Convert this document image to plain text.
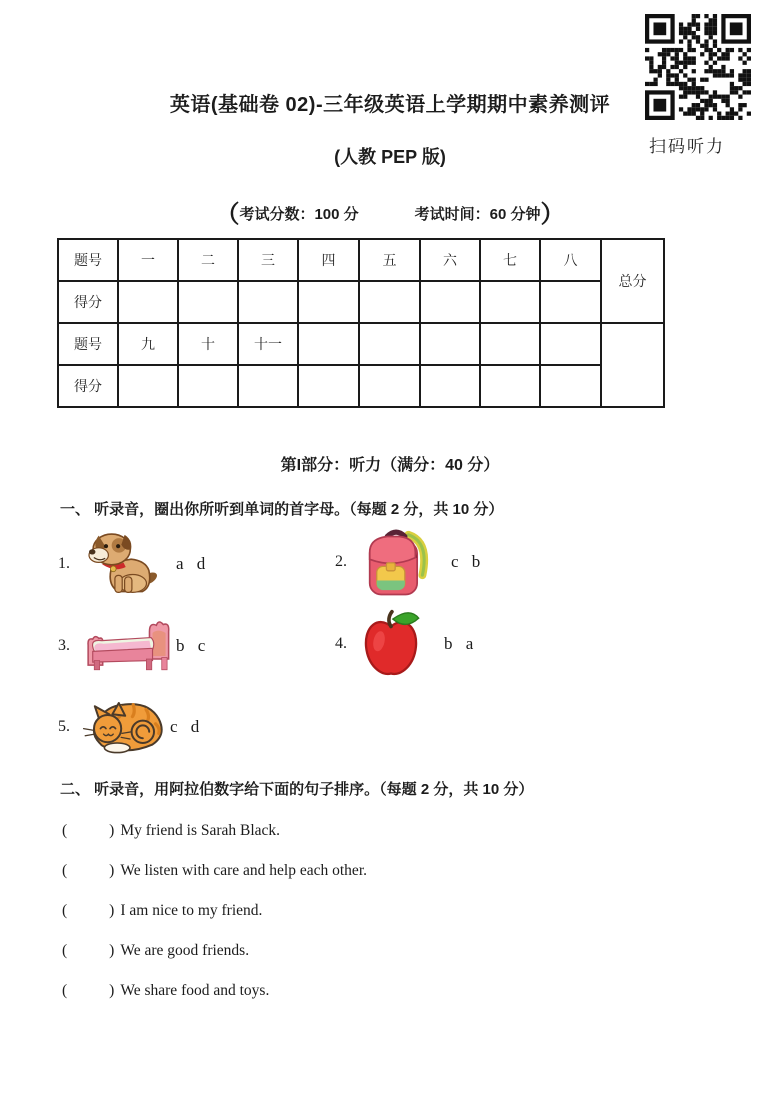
扫码听力
英语(基础卷 02)-三年级英语上学期期中素养测评
(人教 PEP 版)
（考试分数：100 分	考试时间：60 分钟）
题号	一	二	三	四	五	六	七	八	总分
得分									
题号	九	十	十一						
得分									
第I部分：听力（满分：40 分）
一、 听录音，圈出你所听到单词的首字母。（每题 2 分，共 10 分）
1.	a d	2.	c b
3.	b c	4.	b a
5.	c d
二、 听录音，用阿拉伯数字给下面的句子排序。（每题 2 分，共 10 分）
(	) My friend is Sarah Black.
(	) We listen with care and help each other.
(	) I am nice to my friend.
(	) We are good friends.
(	) We share food and toys.
